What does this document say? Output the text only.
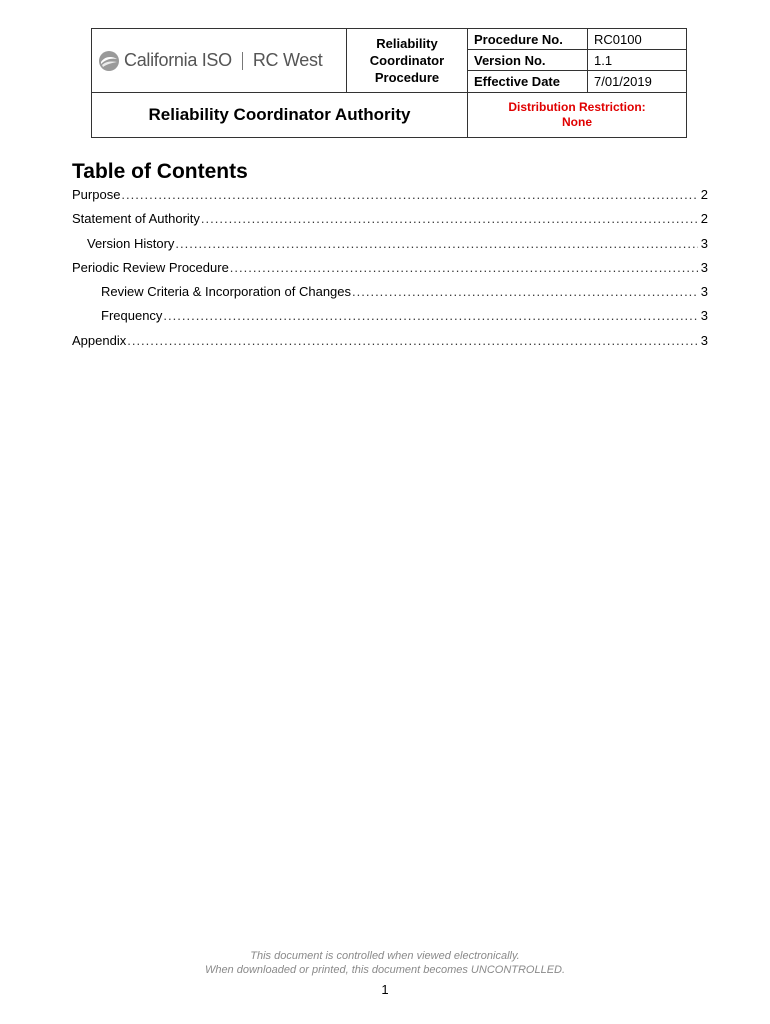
California ISO RC West

Reliability
Coordinator
Procedure

Procedure No.	RC0100
Version No.	1.1
Effective Date	7/01/2019

Reliability Coordinator Authority	Distribution Restriction:
None
Table of Contents
Purpose .....	2
Statement of Authority .....	2
Version History .....	3
Periodic Review Procedure .....	3
Review Criteria & Incorporation of Changes .....	3
Frequency .....	3
Appendix .....	3
This document is controlled when viewed electronically.
When downloaded or printed, this document becomes UNCONTROLLED.
1
